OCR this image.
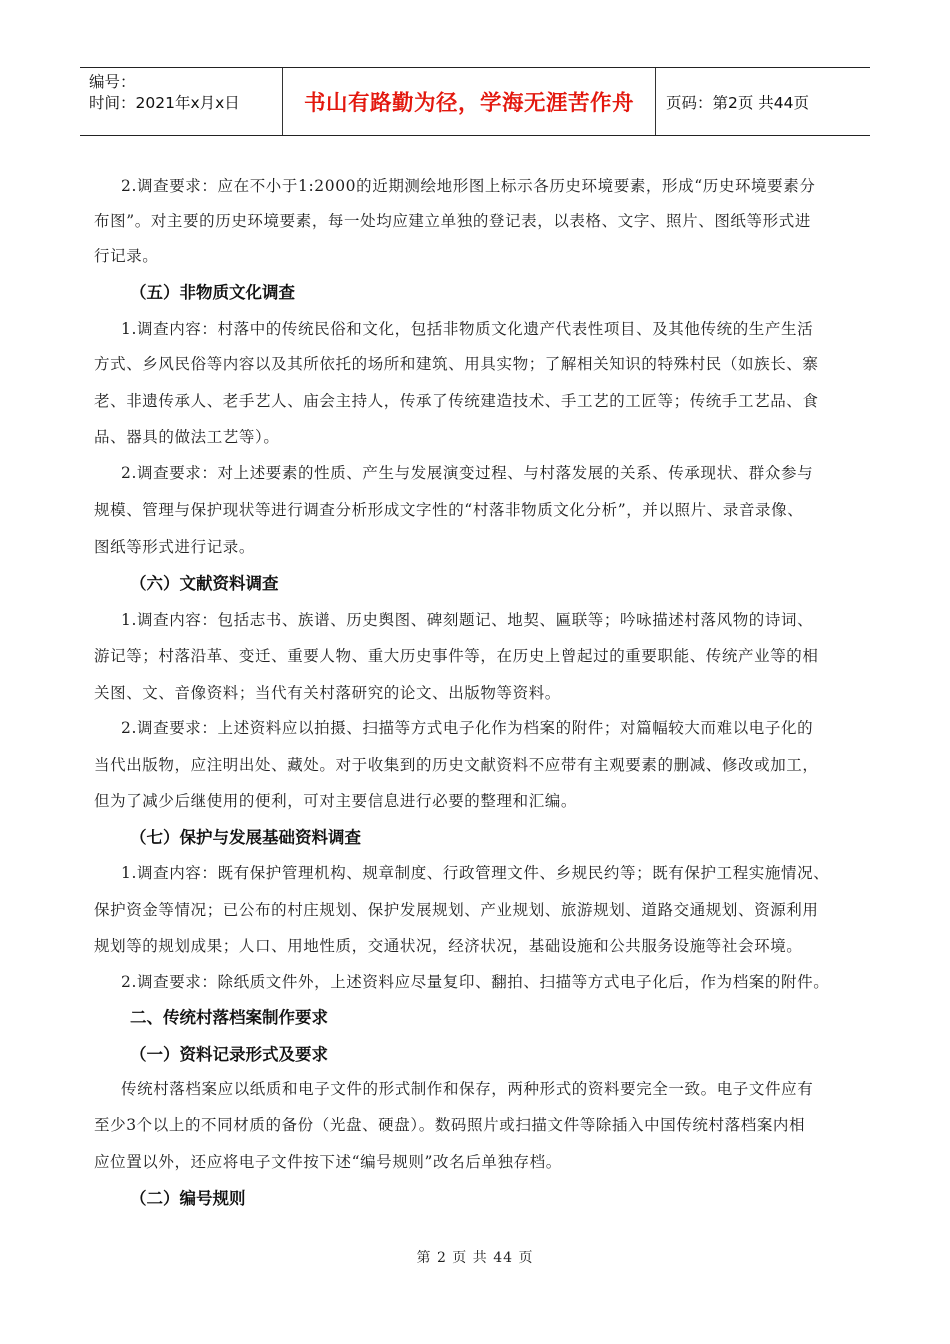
编号：
时间：2021年x月x日	书山有路勤为径，学海无涯苦作舟	页码：第2页 共44页
2.调查要求：应在不小于1:2000的近期测绘地形图上标示各历史环境要素，形成“历史环境要素分
布图”。对主要的历史环境要素，每一处均应建立单独的登记表，以表格、文字、照片、图纸等形式进
行记录。
（五）非物质文化调查
1.调查内容：村落中的传统民俗和文化，包括非物质文化遗产代表性项目、及其他传统的生产生活
方式、乡风民俗等内容以及其所依托的场所和建筑、用具实物；了解相关知识的特殊村民（如族长、寨
老、非遗传承人、老手艺人、庙会主持人，传承了传统建造技术、手工艺的工匠等；传统手工艺品、食
品、器具的做法工艺等）。
2.调查要求：对上述要素的性质、产生与发展演变过程、与村落发展的关系、传承现状、群众参与
规模、管理与保护现状等进行调查分析形成文字性的“村落非物质文化分析”，并以照片、录音录像、
图纸等形式进行记录。
（六）文献资料调查
1.调查内容：包括志书、族谱、历史舆图、碑刻题记、地契、匾联等；吟咏描述村落风物的诗词、
游记等；村落沿革、变迁、重要人物、重大历史事件等，在历史上曾起过的重要职能、传统产业等的相
关图、文、音像资料；当代有关村落研究的论文、出版物等资料。
2.调查要求：上述资料应以拍摄、扫描等方式电子化作为档案的附件；对篇幅较大而难以电子化的
当代出版物，应注明出处、藏处。对于收集到的历史文献资料不应带有主观要素的删减、修改或加工，
但为了减少后继使用的便利，可对主要信息进行必要的整理和汇编。
（七）保护与发展基础资料调查
1.调查内容：既有保护管理机构、规章制度、行政管理文件、乡规民约等；既有保护工程实施情况、
保护资金等情况；已公布的村庄规划、保护发展规划、产业规划、旅游规划、道路交通规划、资源利用
规划等的规划成果；人口、用地性质，交通状况，经济状况，基础设施和公共服务设施等社会环境。
2.调查要求：除纸质文件外，上述资料应尽量复印、翻拍、扫描等方式电子化后，作为档案的附件。
二、传统村落档案制作要求
（一）资料记录形式及要求
传统村落档案应以纸质和电子文件的形式制作和保存，两种形式的资料要完全一致。电子文件应有
至少3个以上的不同材质的备份（光盘、硬盘）。数码照片或扫描文件等除插入中国传统村落档案内相
应位置以外，还应将电子文件按下述“编号规则”改名后单独存档。
（二）编号规则
第 2 页 共 44 页
